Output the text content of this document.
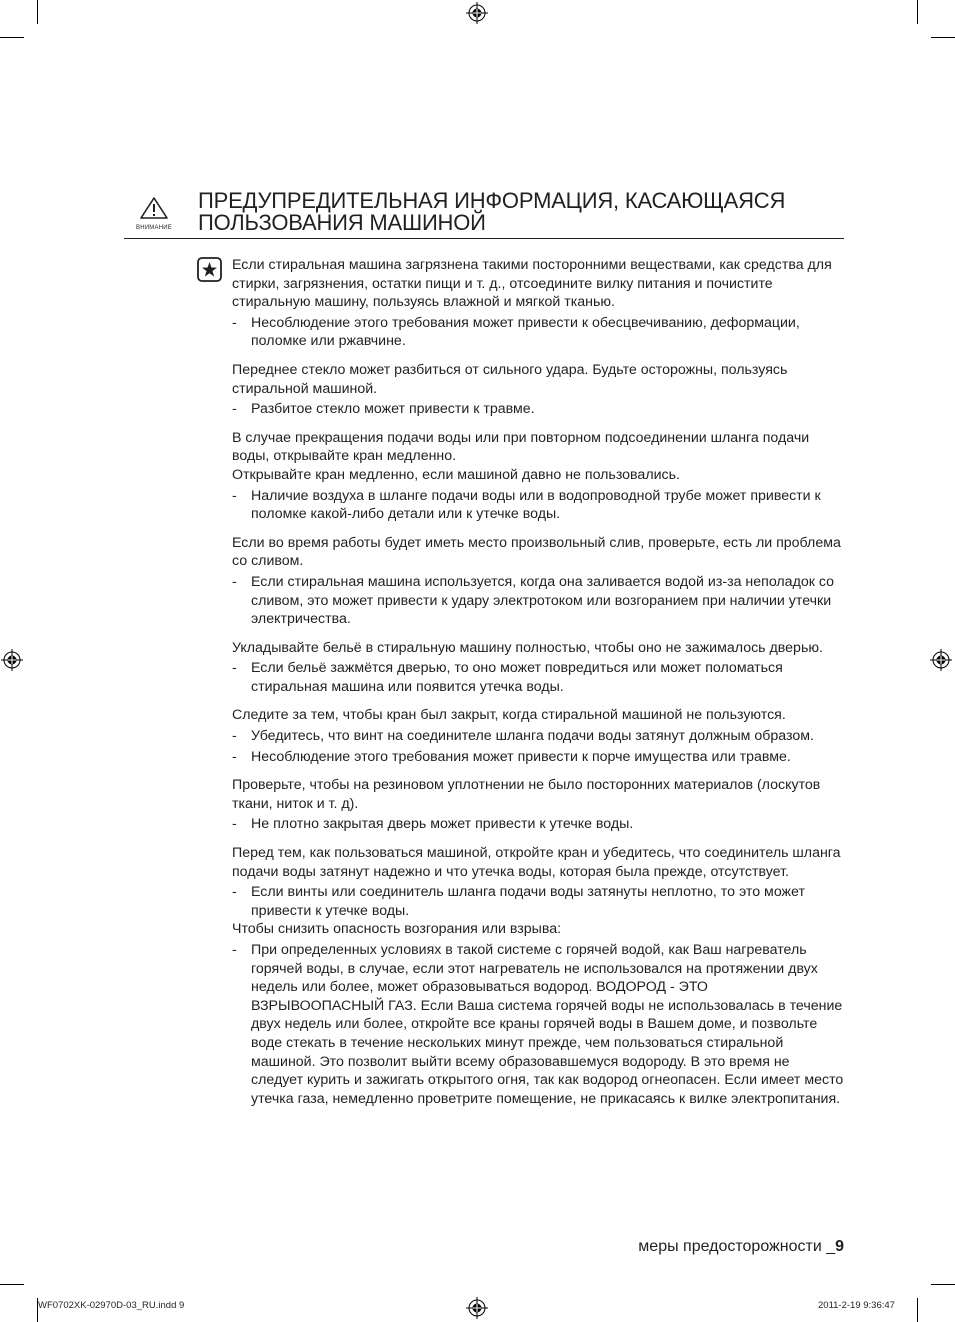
ВНИМАНИЕ
ПРЕДУПРЕДИТЕЛЬНАЯ ИНФОРМАЦИЯ, КАСАЮЩАЯСЯ
ПОЛЬЗОВАНИЯ МАШИНОЙ

Если стиральная машина загрязнена такими посторонними веществами, как средства для стирки, загрязнения, остатки пищи и т. д., отсоедините вилку питания и почистите стиральную машину, пользуясь влажной и мягкой тканью.

- Несоблюдение этого требования может привести к обесцвечиванию, деформации, поломке или ржавчине.

Переднее стекло может разбиться от сильного удара. Будьте осторожны, пользуясь стиральной машиной.

- Разбитое стекло может привести к травме.

В случае прекращения подачи воды или при повторном подсоединении шланга подачи воды, открывайте кран медленно.

Открывайте кран медленно, если машиной давно не пользовались.

- Наличие воздуха в шланге подачи воды или в водопроводной трубе может привести к поломке какой-либо детали или к утечке воды.

Если во время работы будет иметь место произвольный слив, проверьте, есть ли проблема со сливом.

- Если стиральная машина используется, когда она заливается водой из-за неполадок со сливом, это может привести к удару электротоком или возгоранием при наличии утечки электричества.

Укладывайте бельё в стиральную машину полностью, чтобы оно не зажималось дверью.

- Если бельё зажмётся дверью, то оно может повредиться или может поломаться стиральная машина или появится утечка воды.

Следите за тем, чтобы кран был закрыт, когда стиральной машиной не пользуются.

- Убедитесь, что винт на соединителе шланга подачи воды затянут должным образом.
- Несоблюдение этого требования может привести к порче имущества или травме.

Проверьте, чтобы на резиновом уплотнении не было посторонних материалов (лоскутов ткани, ниток и т. д).

- Не плотно закрытая дверь может привести к утечке воды.

Перед тем, как пользоваться машиной, откройте кран и убедитесь, что соединитель шланга подачи воды затянут надежно и что утечка воды, которая была прежде, отсутствует.

- Если винты или соединитель шланга подачи воды затянуты неплотно, то это может привести к утечке воды.

Чтобы снизить опасность возгорания или взрыва:

- При определенных условиях в такой системе с горячей водой, как Ваш нагреватель горячей воды, в случае, если этот нагреватель не использовался на протяжении двух недель или более, может образовываться водород. ВОДОРОД - ЭТО ВЗРЫВООПАСНЫЙ ГАЗ. Если Ваша система горячей воды не использовалась в течение двух недель или более, откройте все краны горячей воды в Вашем доме, и позвольте воде стекать в течение нескольких минут прежде, чем пользоваться стиральной машиной. Это позволит выйти всему образовавшемуся водороду. В это время не следует курить и зажигать открытого огня, так как водород огнеопасен. Если имеет место утечка газа, немедленно проветрите помещение, не прикасаясь к вилке электропитания.
меры предосторожности _9
WF0702XK-02970D-03_RU.indd 9	2011-2-19 9:36:47
